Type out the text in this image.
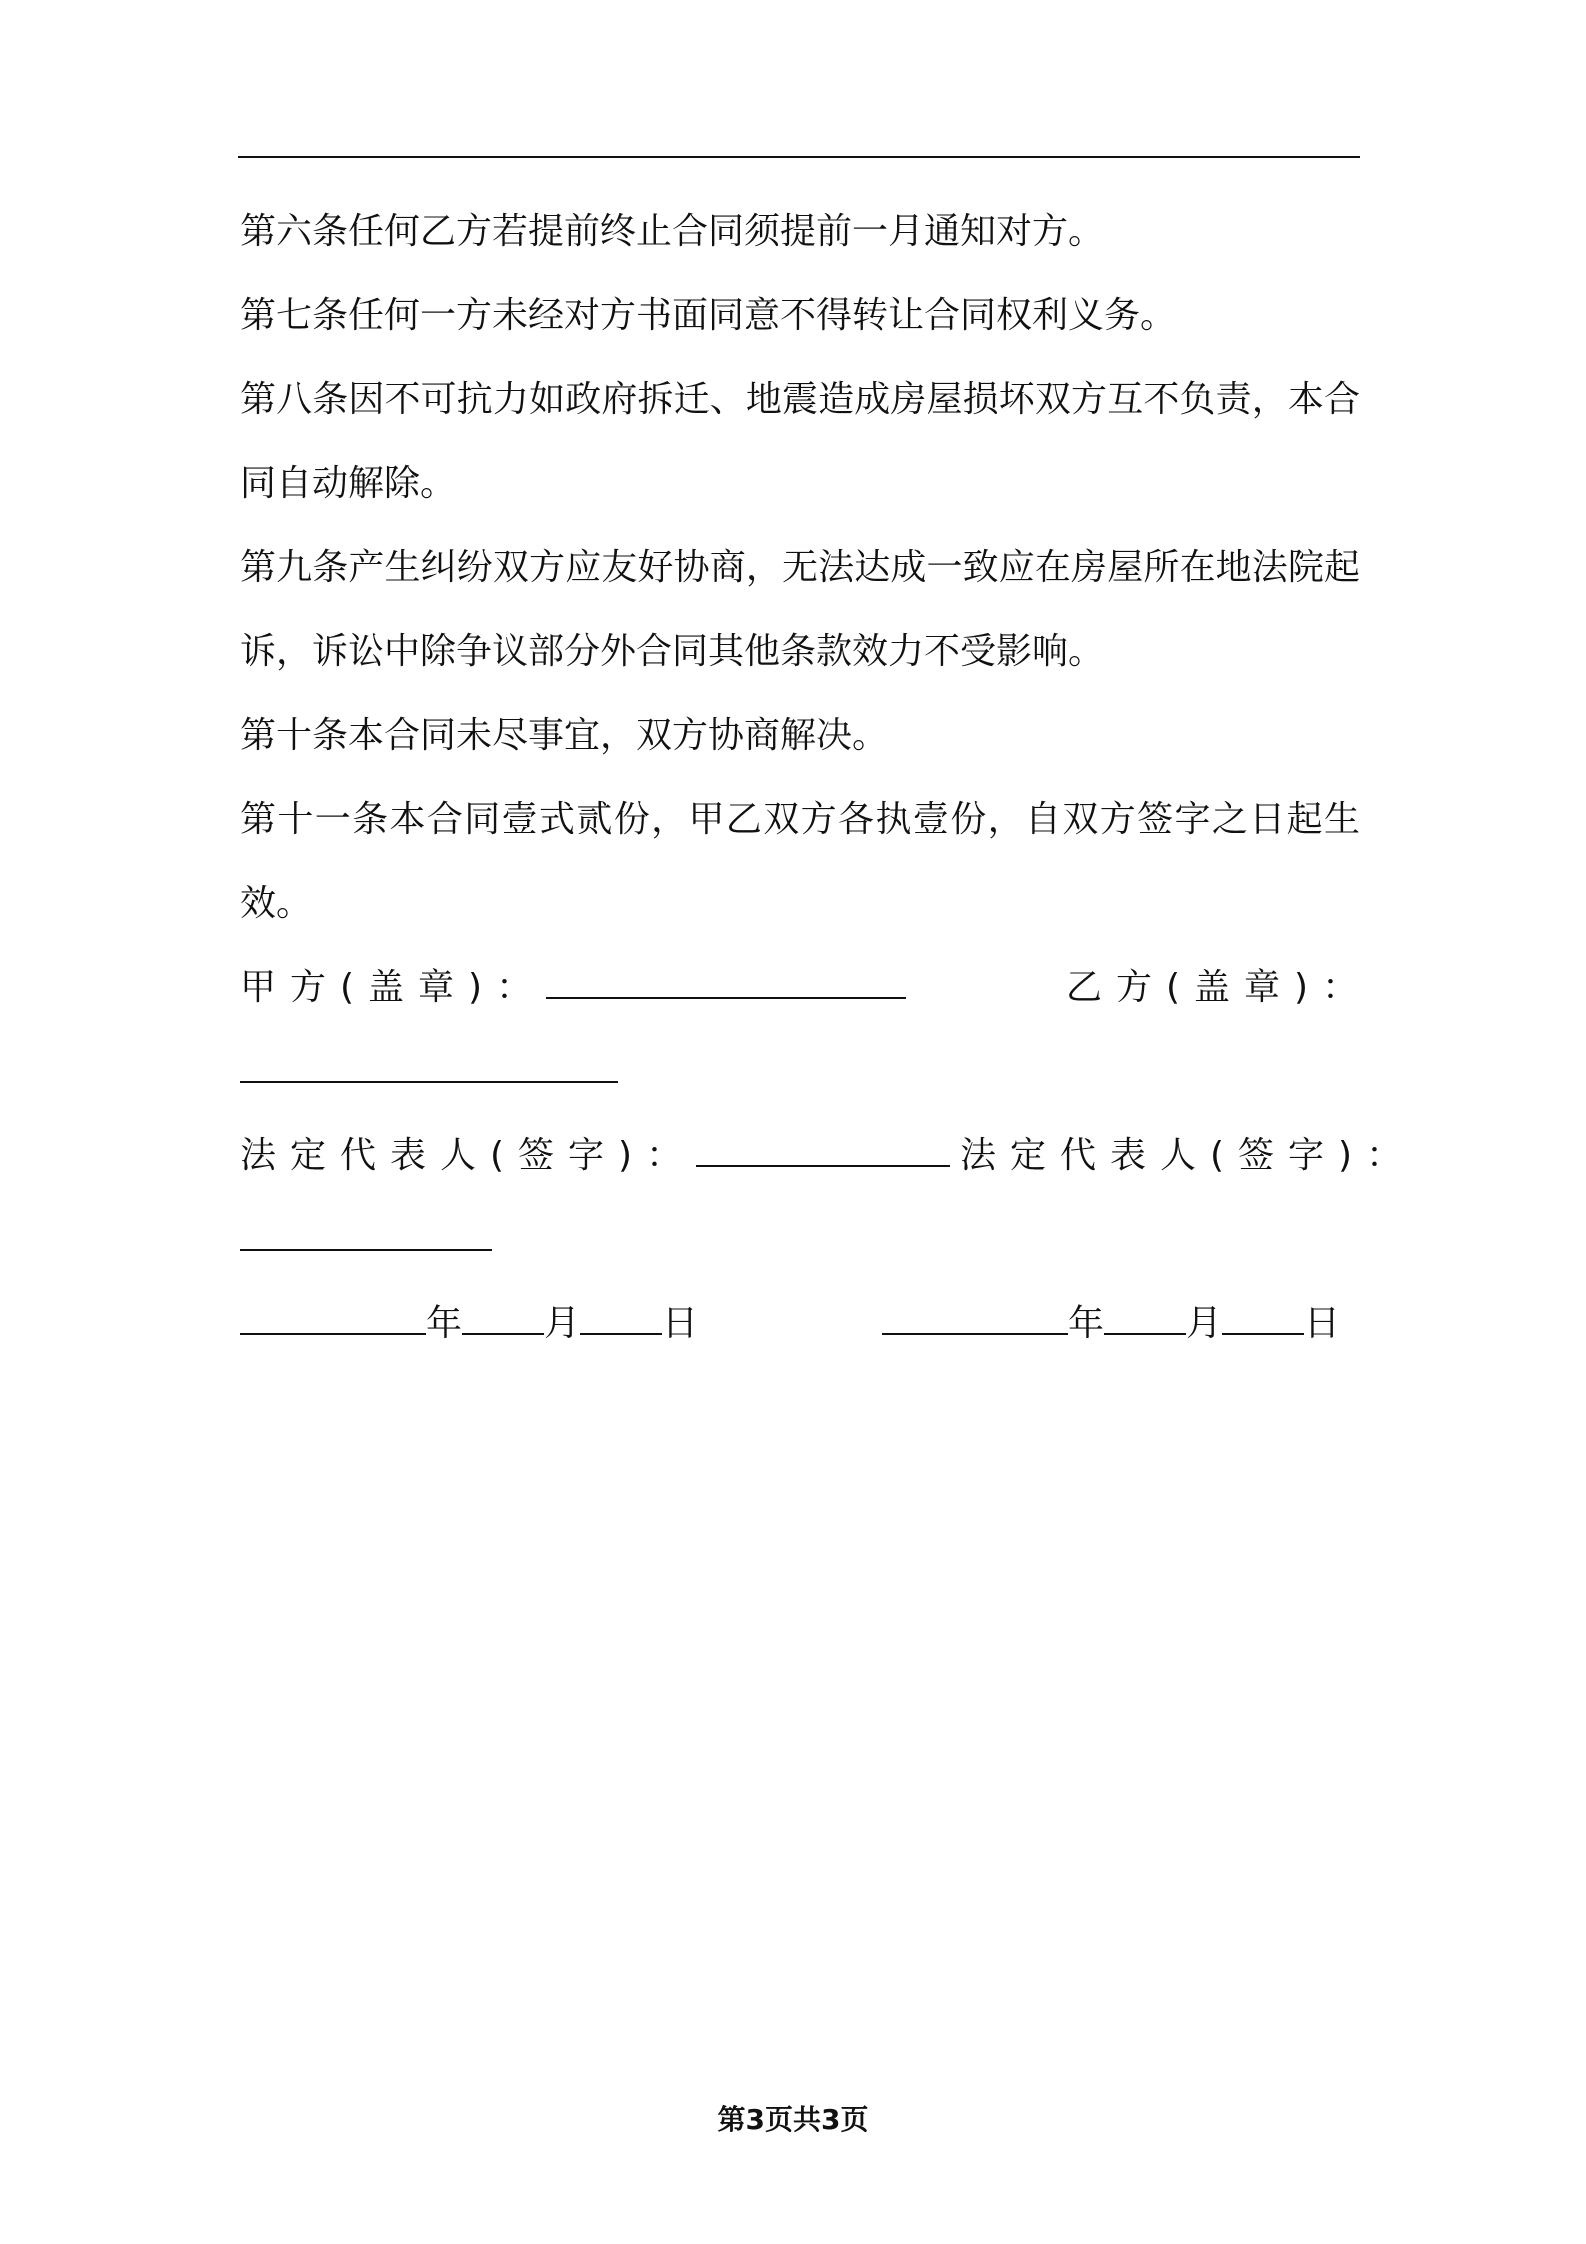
第六条任何乙方若提前终止合同须提前一月通知对方。

第七条任何一方未经对方书面同意不得转让合同权利义务。

第八条因不可抗力如政府拆迁、地震造成房屋损坏双方互不负责，本合同自动解除。

第九条产生纠纷双方应友好协商，无法达成一致应在房屋所在地法院起诉，诉讼中除争议部分外合同其他条款效力不受影响。

第十条本合同未尽事宜，双方协商解决。

第十一条本合同壹式贰份，甲乙双方各执壹份，自双方签字之日起生效。

甲方(盖章)：	乙方(盖章)：
法定代表人(签字)：	法定代表人(签字)：
年 月 日	年 月 日
第3页共3页
